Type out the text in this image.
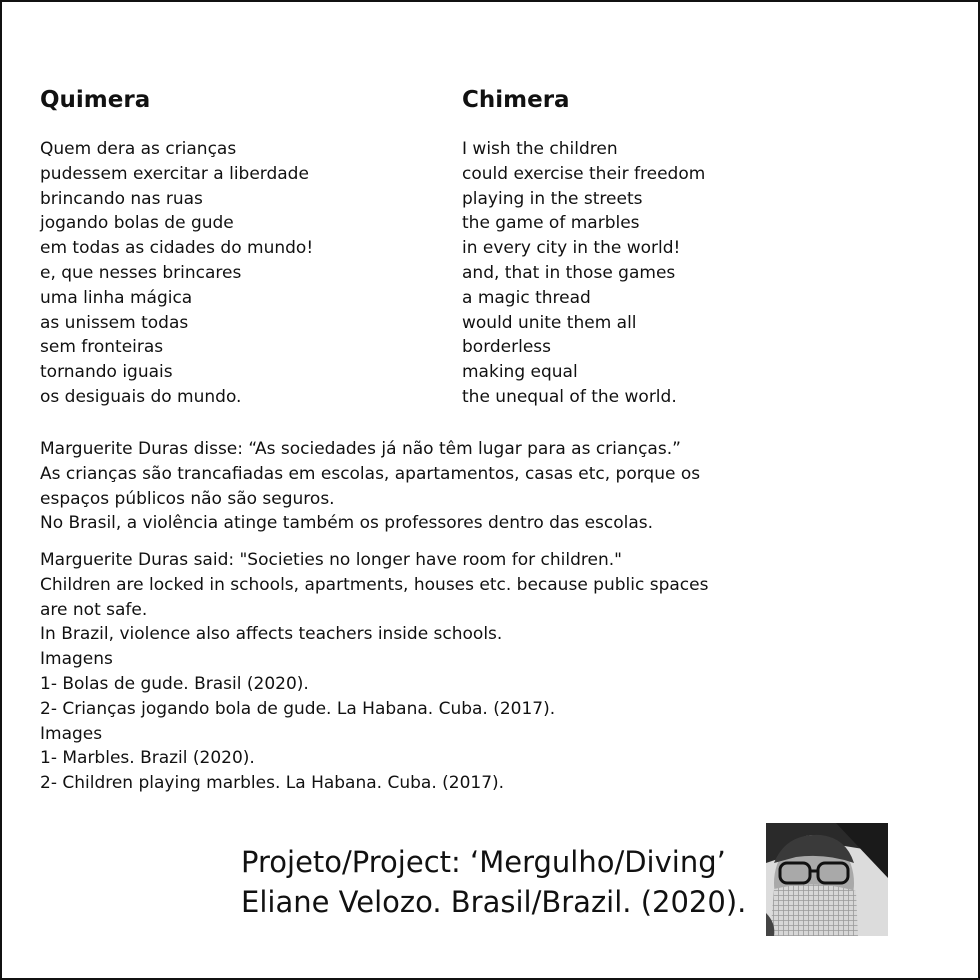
Quimera
Quem dera as crianças
pudessem exercitar a liberdade
brincando nas ruas
jogando bolas de gude
em todas as cidades do mundo!
e, que nesses brincares
uma linha mágica
as unissem todas
sem fronteiras
tornando iguais
os desiguais do mundo.
Chimera
I wish the children
could exercise their freedom
playing in the streets
the game of marbles
in every city in the world!
and, that in those games
a magic thread
would unite them all
borderless
making equal
the unequal of the world.
Marguerite Duras disse: “As sociedades já não têm lugar para as crianças.”
As crianças são trancafiadas em escolas, apartamentos, casas etc, porque os espaços públicos não são seguros.
No Brasil, a violência atinge também os professores dentro das escolas.
Marguerite Duras said: "Societies no longer have room for children."
Children are locked in schools, apartments, houses etc. because public spaces are not safe.
In Brazil, violence also affects teachers inside schools.
Imagens
1- Bolas de gude. Brasil (2020).
2- Crianças jogando bola de gude. La Habana. Cuba. (2017).
Images
1- Marbles. Brazil (2020).
2- Children playing marbles. La Habana. Cuba. (2017).
Projeto/Project: ‘Mergulho/Diving’
Eliane Velozo. Brasil/Brazil. (2020).
